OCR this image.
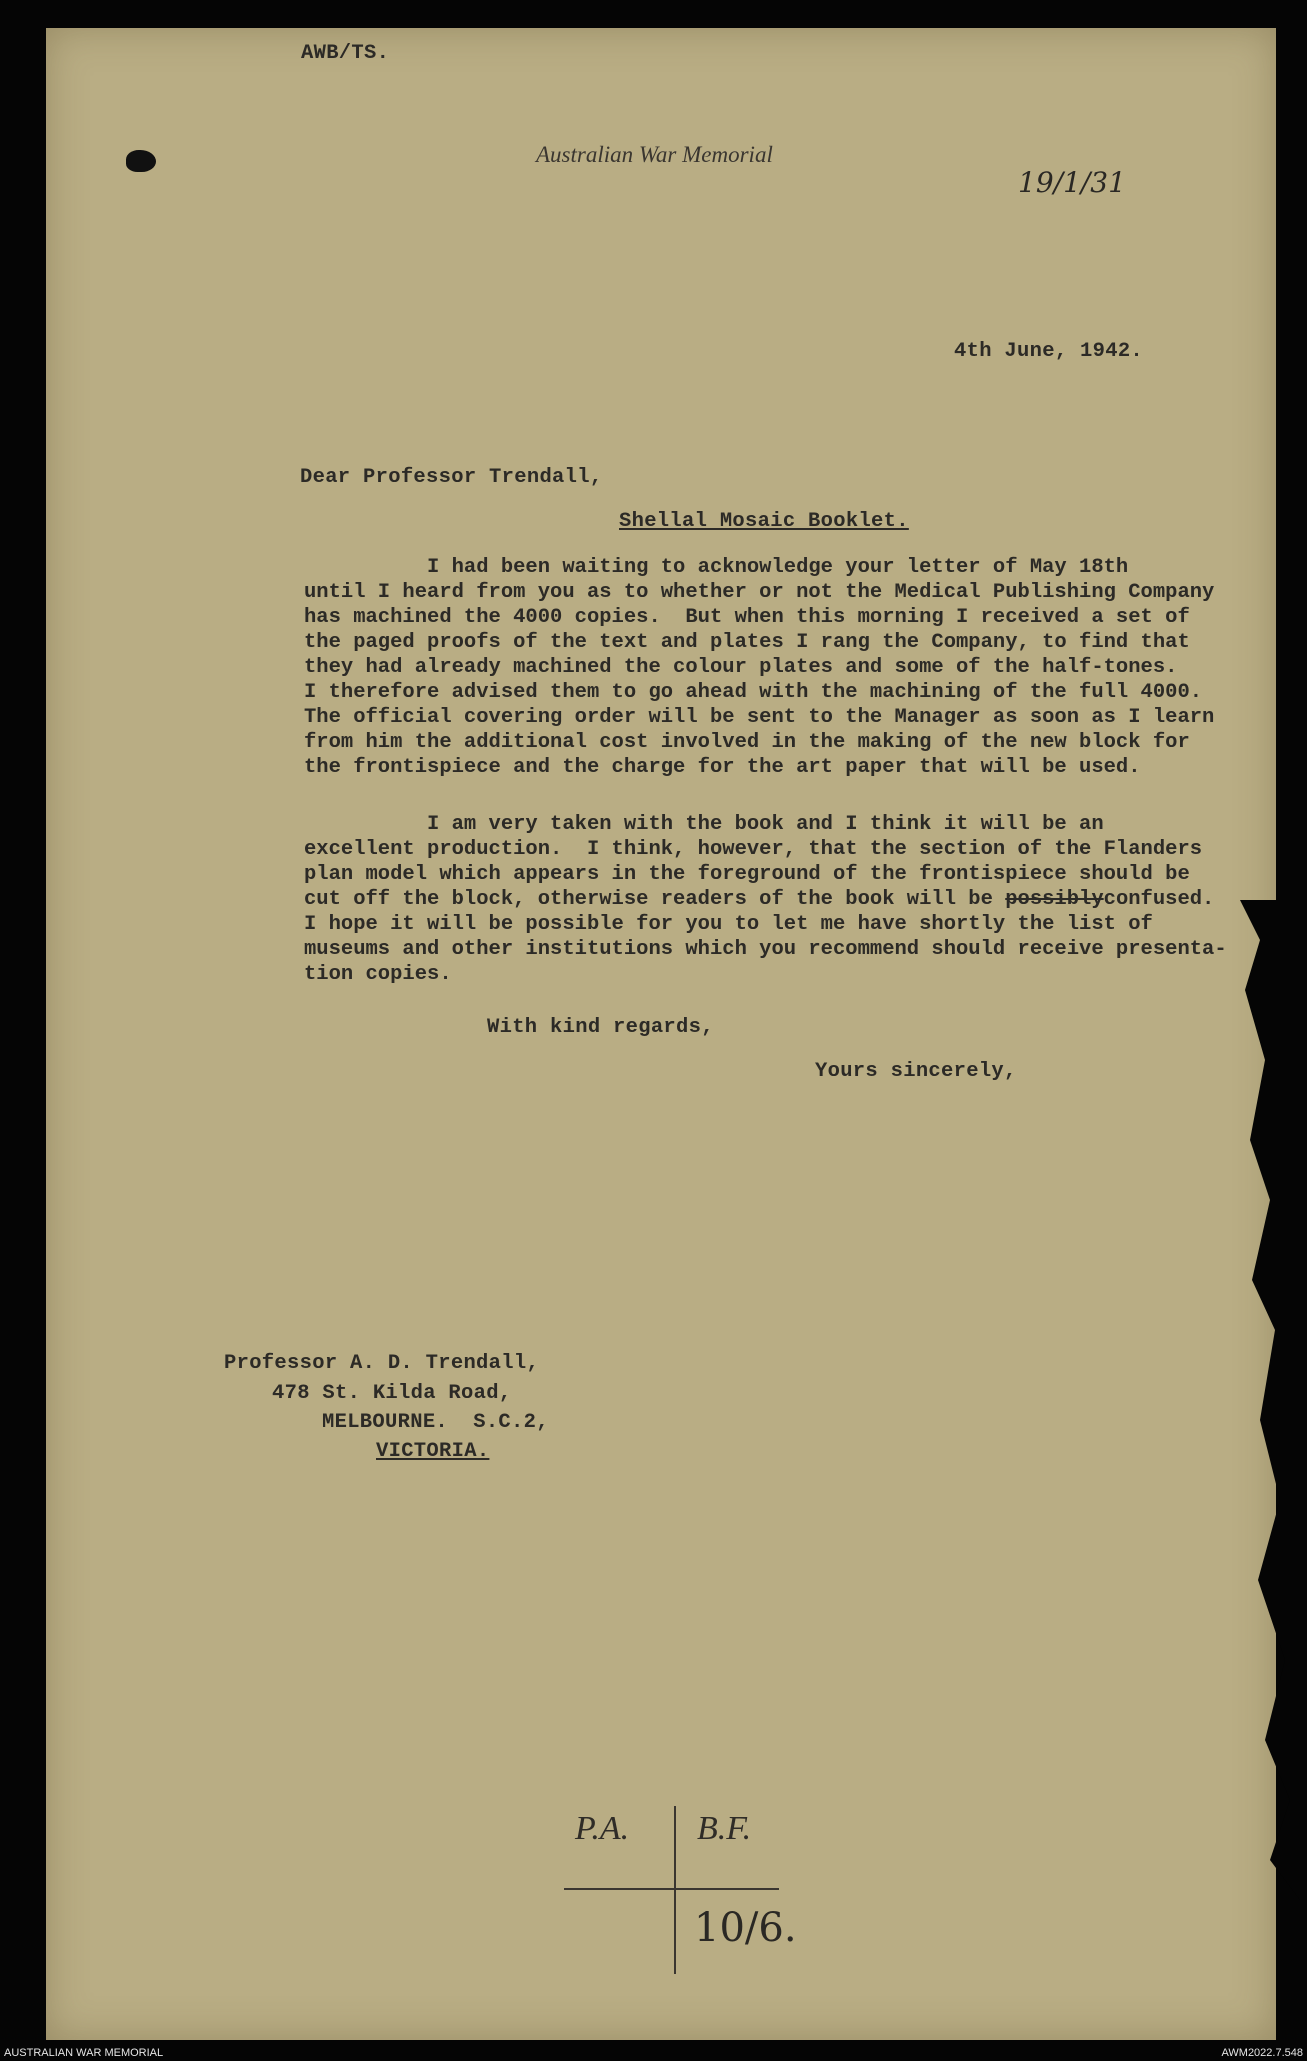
AWB/TS.
Australian War Memorial
19/1/31
4th June, 1942.
Dear Professor Trendall,
Shellal Mosaic Booklet.
I had been waiting to acknowledge your letter of May 18th
until I heard from you as to whether or not the Medical Publishing Company
has machined the 4000 copies.  But when this morning I received a set of
the paged proofs of the text and plates I rang the Company, to find that
they had already machined the colour plates and some of the half-tones.
I therefore advised them to go ahead with the machining of the full 4000.
The official covering order will be sent to the Manager as soon as I learn
from him the additional cost involved in the making of the new block for
the frontispiece and the charge for the art paper that will be used.
I am very taken with the book and I think it will be an
excellent production.  I think, however, that the section of the Flanders
plan model which appears in the foreground of the frontispiece should be
cut off the block, otherwise readers of the book will be possiblyconfused.
I hope it will be possible for you to let me have shortly the list of
museums and other institutions which you recommend should receive presenta-
tion copies.
With kind regards,
Yours sincerely,
Professor A. D. Trendall,
478 St. Kilda Road,
MELBOURNE.  S.C.2,
VICTORIA.
P.A. B.F.
10/6.
AUSTRALIAN WAR MEMORIAL	AWM2022.7.548
